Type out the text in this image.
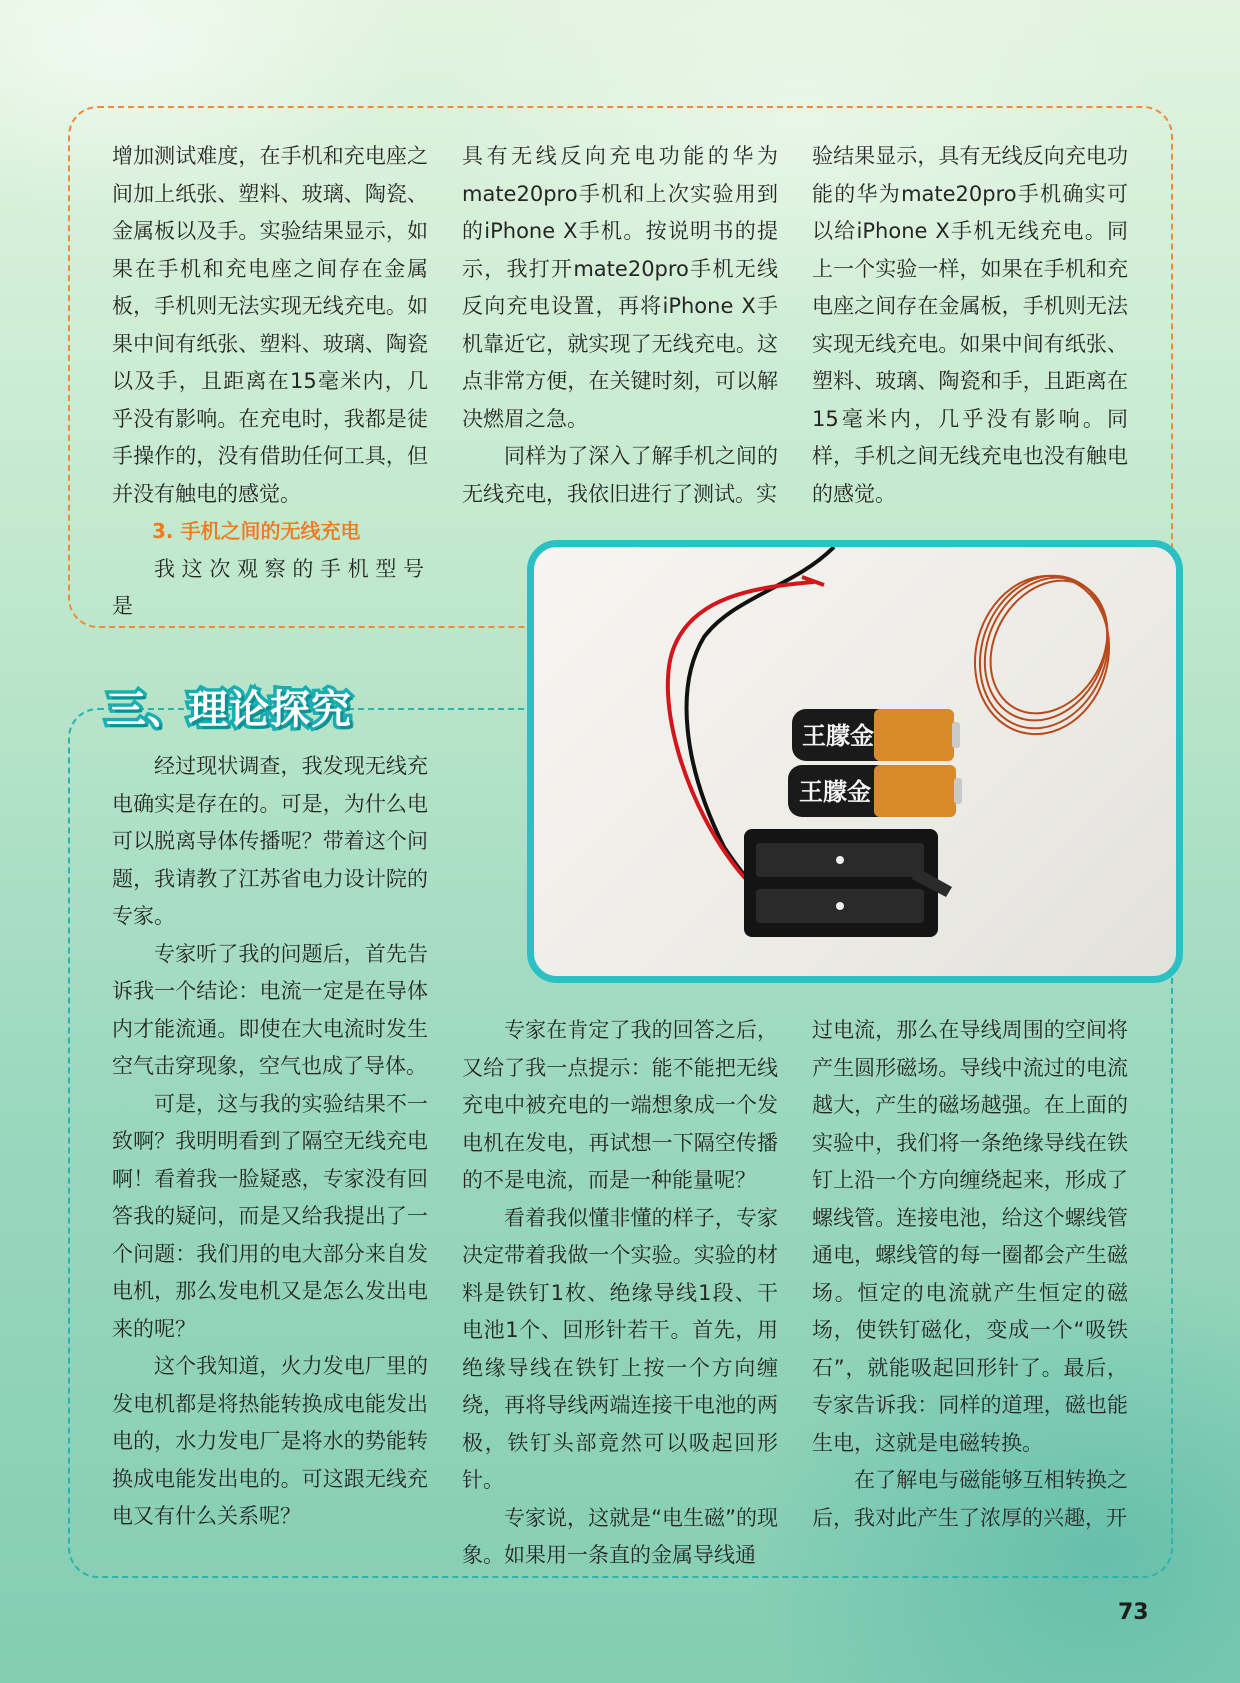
增加测试难度，在手机和充电座之间加上纸张、塑料、玻璃、陶瓷、金属板以及手。实验结果显示，如果在手机和充电座之间存在金属板，手机则无法实现无线充电。如果中间有纸张、塑料、玻璃、陶瓷以及手，且距离在15毫米内，几乎没有影响。在充电时，我都是徒手操作的，没有借助任何工具，但并没有触电的感觉。

3. 手机之间的无线充电

我这次观察的手机型号是

具有无线反向充电功能的华为mate20pro手机和上次实验用到的iPhone X手机。按说明书的提示，我打开mate20pro手机无线反向充电设置，再将iPhone X手机靠近它，就实现了无线充电。这点非常方便，在关键时刻，可以解决燃眉之急。

同样为了深入了解手机之间的无线充电，我依旧进行了测试。实

验结果显示，具有无线反向充电功能的华为mate20pro手机确实可以给iPhone X手机无线充电。同上一个实验一样，如果在手机和充电座之间存在金属板，手机则无法实现无线充电。如果中间有纸张、塑料、玻璃、陶瓷和手，且距离在15毫米内，几乎没有影响。同样，手机之间无线充电也没有触电的感觉。

三、理论探究
王朦金
王朦金

经过现状调查，我发现无线充电确实是存在的。可是，为什么电可以脱离导体传播呢？带着这个问题，我请教了江苏省电力设计院的专家。

专家听了我的问题后，首先告诉我一个结论：电流一定是在导体内才能流通。即使在大电流时发生空气击穿现象，空气也成了导体。

可是，这与我的实验结果不一致啊？我明明看到了隔空无线充电啊！看着我一脸疑惑，专家没有回答我的疑问，而是又给我提出了一个问题：我们用的电大部分来自发电机，那么发电机又是怎么发出电来的呢？

这个我知道，火力发电厂里的发电机都是将热能转换成电能发出电的，水力发电厂是将水的势能转换成电能发出电的。可这跟无线充电又有什么关系呢？

专家在肯定了我的回答之后，又给了我一点提示：能不能把无线充电中被充电的一端想象成一个发电机在发电，再试想一下隔空传播的不是电流，而是一种能量呢？

看着我似懂非懂的样子，专家决定带着我做一个实验。实验的材料是铁钉1枚、绝缘导线1段、干电池1个、回形针若干。首先，用绝缘导线在铁钉上按一个方向缠绕，再将导线两端连接干电池的两极，铁钉头部竟然可以吸起回形针。

专家说，这就是“电生磁”的现象。如果用一条直的金属导线通

过电流，那么在导线周围的空间将产生圆形磁场。导线中流过的电流越大，产生的磁场越强。在上面的实验中，我们将一条绝缘导线在铁钉上沿一个方向缠绕起来，形成了螺线管。连接电池，给这个螺线管通电，螺线管的每一圈都会产生磁场。恒定的电流就产生恒定的磁场，使铁钉磁化，变成一个“吸铁石”，就能吸起回形针了。最后，专家告诉我：同样的道理，磁也能生电，这就是电磁转换。

在了解电与磁能够互相转换之后，我对此产生了浓厚的兴趣，开

73
